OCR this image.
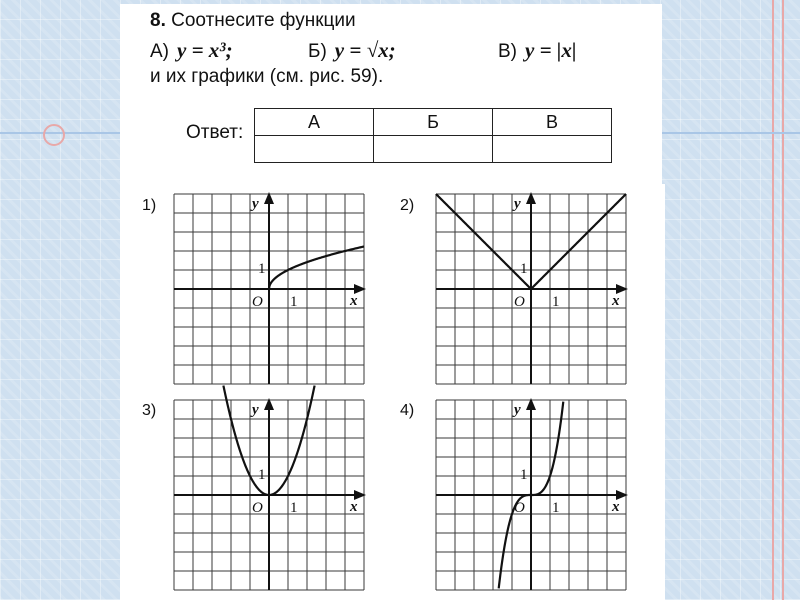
8. Соотнесите функции
А) y = x³;	Б) y = √x;	В) y = |x|
и их графики (см. рис. 59).
Ответ:
А	Б	В

1)	2)
3)	4)
x
y
O 1
1
x
y
O 1
1
x
y
O 1
1
x
y
O 1
1
